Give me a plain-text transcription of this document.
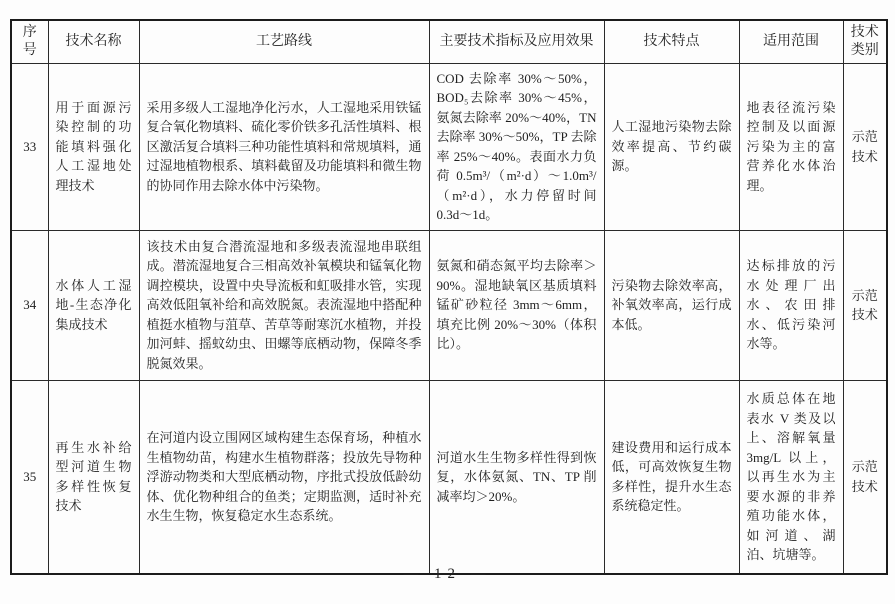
序号	技术名称	工艺路线	主要技术指标及应用效果	技术特点	适用范围	技术类别
33	用于面源污染控制的功能填料强化人工湿地处理技术	采用多级人工湿地净化污水，人工湿地采用铁锰复合氧化物填料、硫化零价铁多孔活性填料、根区激活复合填料三种功能性填料和常规填料，通过湿地植物根系、填料截留及功能填料和微生物的协同作用去除水体中污染物。	COD 去除率 30%～50%，BOD₅去除率 30%～45%，氨氮去除率 20%～40%，TN 去除率 30%～50%，TP 去除率 25%～40%。表面水力负荷 0.5m³/（m²·d）～1.0m³/（m²·d），水力停留时间 0.3d～1d。	人工湿地污染物去除效率提高、节约碳源。	地表径流污染控制及以面源污染为主的富营养化水体治理。	示范技术
34	水体人工湿地-生态净化集成技术	该技术由复合潜流湿地和多级表流湿地串联组成。潜流湿地复合三相高效补氧模块和锰氧化物调控模块，设置中央导流板和虹吸排水管，实现高效低阻氧补给和高效脱氮。表流湿地中搭配种植挺水植物与菹草、苦草等耐寒沉水植物，并投加河蚌、摇蚊幼虫、田螺等底栖动物，保障冬季脱氮效果。	氨氮和硝态氮平均去除率＞90%。湿地缺氧区基质填料锰矿砂粒径 3mm～6mm，填充比例 20%～30%（体积比）。	污染物去除效率高，补氧效率高，运行成本低。	达标排放的污水处理厂出水、农田排水、低污染河水等。	示范技术
35	再生水补给型河道生物多样性恢复技术	在河道内设立围网区域构建生态保育场，种植水生植物幼苗，构建水生植物群落；投放先导物种浮游动物类和大型底栖动物，序批式投放低龄幼体、优化物种组合的鱼类；定期监测，适时补充水生生物，恢复稳定水生态系统。	河道水生生物多样性得到恢复，水体氨氮、TN、TP 削减率均＞20%。	建设费用和运行成本低，可高效恢复生物多样性，提升水生态系统稳定性。	水质总体在地表水 V 类及以上、溶解氧量 3mg/L 以上，以再生水为主要水源的非养殖功能水体，如河道、湖泊、坑塘等。	示范技术
— 12 —
